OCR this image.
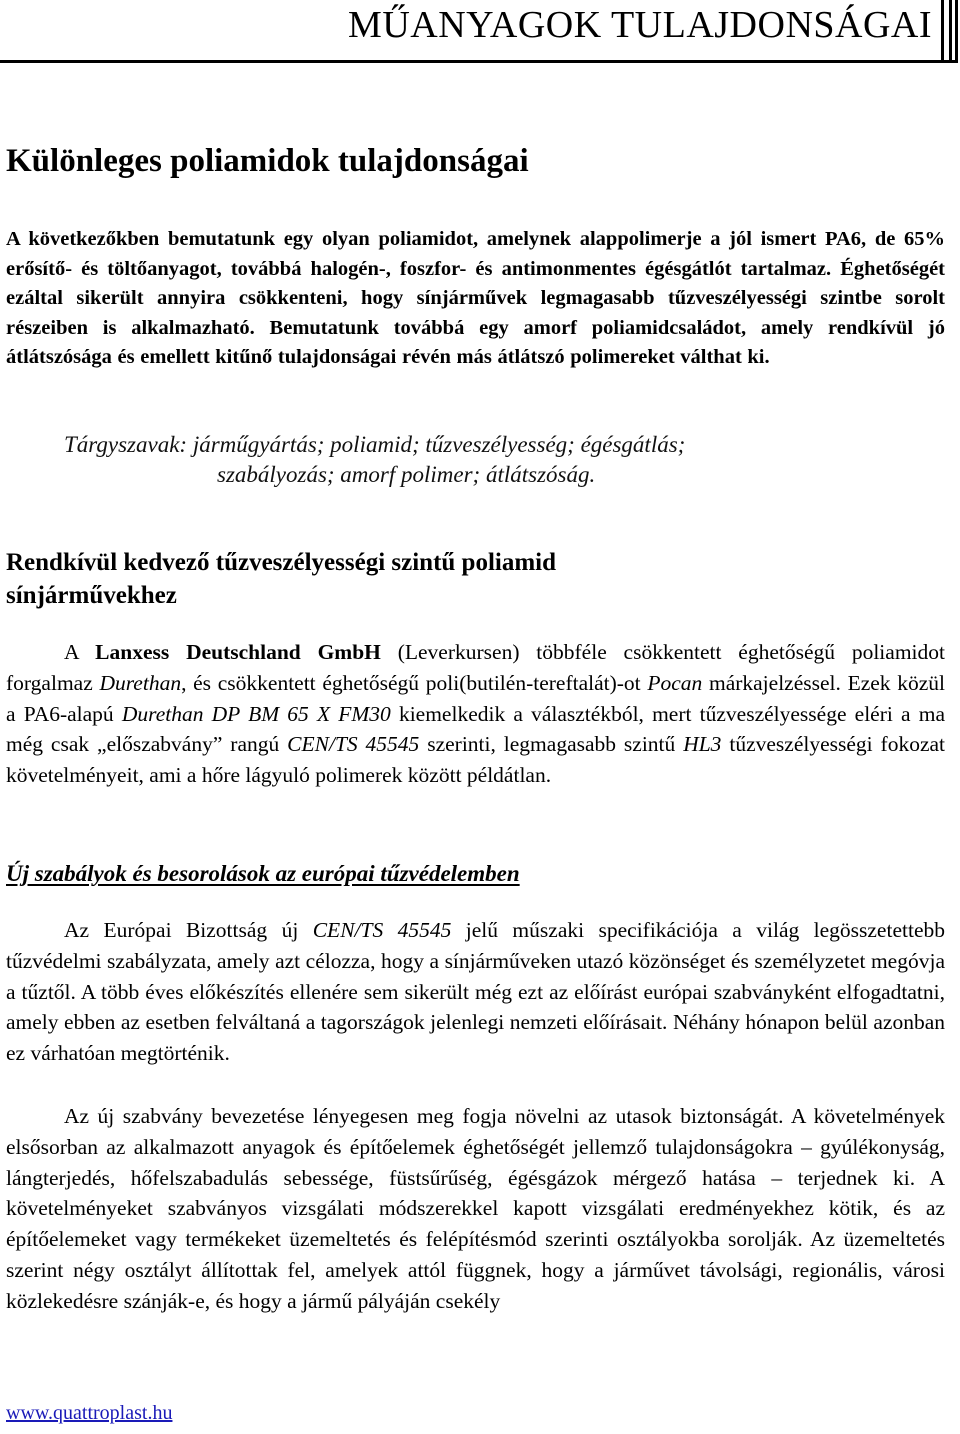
MŰANYAGOK TULAJDONSÁGAI
Különleges poliamidok tulajdonságai
A következőkben bemutatunk egy olyan poliamidot, amelynek alappolimerje a jól ismert PA6, de 65% erősítő- és töltőanyagot, továbbá halogén-, foszfor- és antimonmentes égésgátlót tartalmaz. Éghetőségét ezáltal sikerült annyira csökkenteni, hogy sínjárművek legmagasabb tűzveszélyességi szintbe sorolt részeiben is alkalmazható. Bemutatunk továbbá egy amorf poliamidcsaládot, amely rendkívül jó átlátszósága és emellett kitűnő tulajdonságai révén más átlátszó polimereket válthat ki.
Tárgyszavak: járműgyártás; poliamid; tűzveszélyesség; égésgátlás;
szabályozás; amorf polimer; átlátszóság.
Rendkívül kedvező tűzveszélyességi szintű poliamid sínjárművekhez

A Lanxess Deutschland GmbH (Leverkursen) többféle csökkentett éghetőségű poliamidot forgalmaz Durethan, és csökkentett éghetőségű poli(butilén-tereftalát)-ot Pocan márkajelzéssel. Ezek közül a PA6-alapú Durethan DP BM 65 X FM30 kiemelkedik a választékból, mert tűzveszélyessége eléri a ma még csak „előszabvány” rangú CEN/TS 45545 szerinti, legmagasabb szintű HL3 tűzveszélyességi fokozat követelményeit, ami a hőre lágyuló polimerek között példátlan.

Új szabályok és besorolások az európai tűzvédelemben

Az Európai Bizottság új CEN/TS 45545 jelű műszaki specifikációja a világ legösszetettebb tűzvédelmi szabályzata, amely azt célozza, hogy a sínjárműveken utazó közönséget és személyzetet megóvja a tűztől. A több éves előkészítés ellenére sem sikerült még ezt az előírást európai szabványként elfogadtatni, amely ebben az esetben felváltaná a tagországok jelenlegi nemzeti előírásait. Néhány hónapon belül azonban ez várhatóan megtörténik.

Az új szabvány bevezetése lényegesen meg fogja növelni az utasok biztonságát. A követelmények elsősorban az alkalmazott anyagok és építőelemek éghetőségét jellemző tulajdonságokra – gyúlékonyság, lángterjedés, hőfelszabadulás sebessége, füstsűrűség, égésgázok mérgező hatása – terjednek ki. A követelményeket szabványos vizsgálati módszerekkel kapott vizsgálati eredményekhez kötik, és az építőelemeket vagy termékeket üzemeltetés és felépítésmód szerinti osztályokba sorolják. Az üzemeltetés szerint négy osztályt állítottak fel, amelyek attól függnek, hogy a járművet távolsági, regionális, városi közlekedésre szánják-e, és hogy a jármű pályáján csekély

www.quattroplast.hu
